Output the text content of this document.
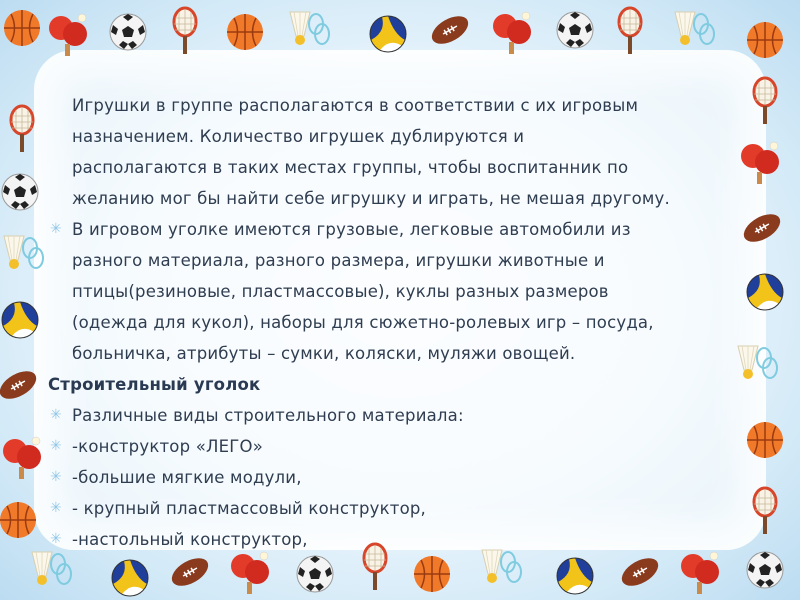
Игрушки в группе располагаются в соответствии с их игровым
назначением. Количество игрушек дублируются и
располагаются в таких местах группы, чтобы воспитанник по
желанию мог бы найти себе игрушку и играть, не мешая другому.
✳ В игровом уголке имеются грузовые, легковые автомобили из
разного материала, разного размера, игрушки животные и
птицы(резиновые, пластмассовые), куклы разных размеров
(одежда для кукол), наборы для сюжетно-ролевых игр – посуда,
больничка, атрибуты – сумки, коляски, муляжи овощей.
Строительный уголок
✳ Различные виды строительного материала:
✳ -конструктор «ЛЕГО»
✳ -большие мягкие модули,
✳ - крупный пластмассовый конструктор,
✳ -настольный конструктор,
